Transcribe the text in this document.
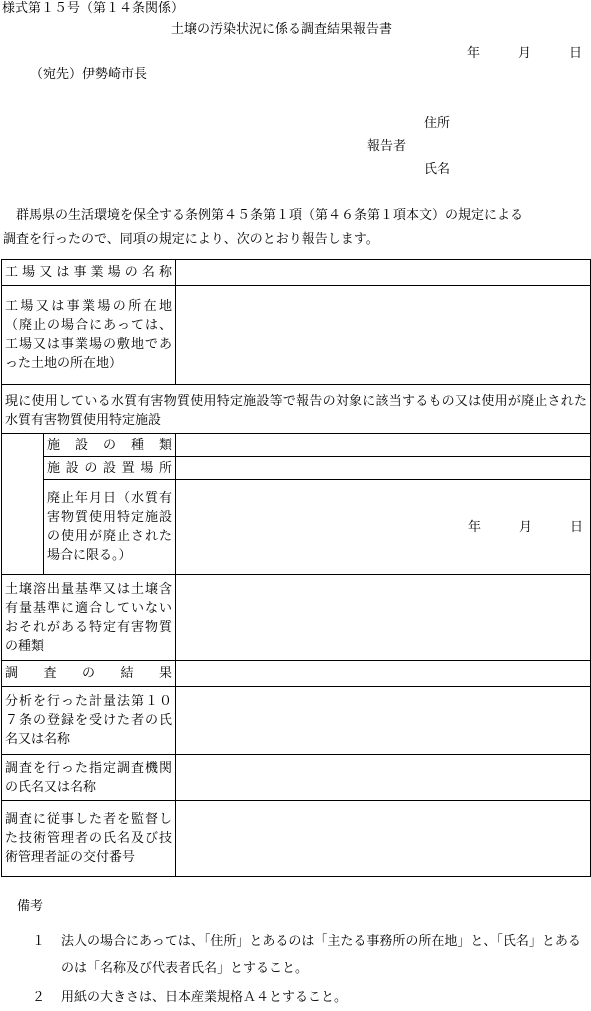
様式第１５号（第１４条関係）
土壌の汚染状況に係る調査結果報告書
年	月	日
（宛先）伊勢崎市長
住所
報告者
氏名
　群馬県の生活環境を保全する条例第４５条第１項（第４６条第１項本文）の規定による
調査を行ったので、同項の規定により、次のとおり報告します。
工場又は事業場の名称		
工場又は事業場の所在地（廃止の場合にあっては、工場又は事業場の敷地であった土地の所在地）		
現に使用している水質有害物質使用特定施設等で報告の対象に該当するもの又は使用が廃止された水質有害物質使用特定施設		
	施設の種類	
	施設の設置場所	
	廃止年月日（水質有害物質使用特定施設の使用が廃止された場合に限る。）	年 月 日
土壌溶出量基準又は土壌含有量基準に適合していないおそれがある特定有害物質の種類		
調査の結果		
分析を行った計量法第１０７条の登録を受けた者の氏名又は名称		
調査を行った指定調査機関の氏名又は名称		
調査に従事した者を監督した技術管理者の氏名及び技術管理者証の交付番号		
備考
１	法人の場合にあっては、「住所」とあるのは「主たる事務所の所在地」と、「氏名」とあるのは「名称及び代表者氏名」とすること。
２	用紙の大きさは、日本産業規格Ａ４とすること。
